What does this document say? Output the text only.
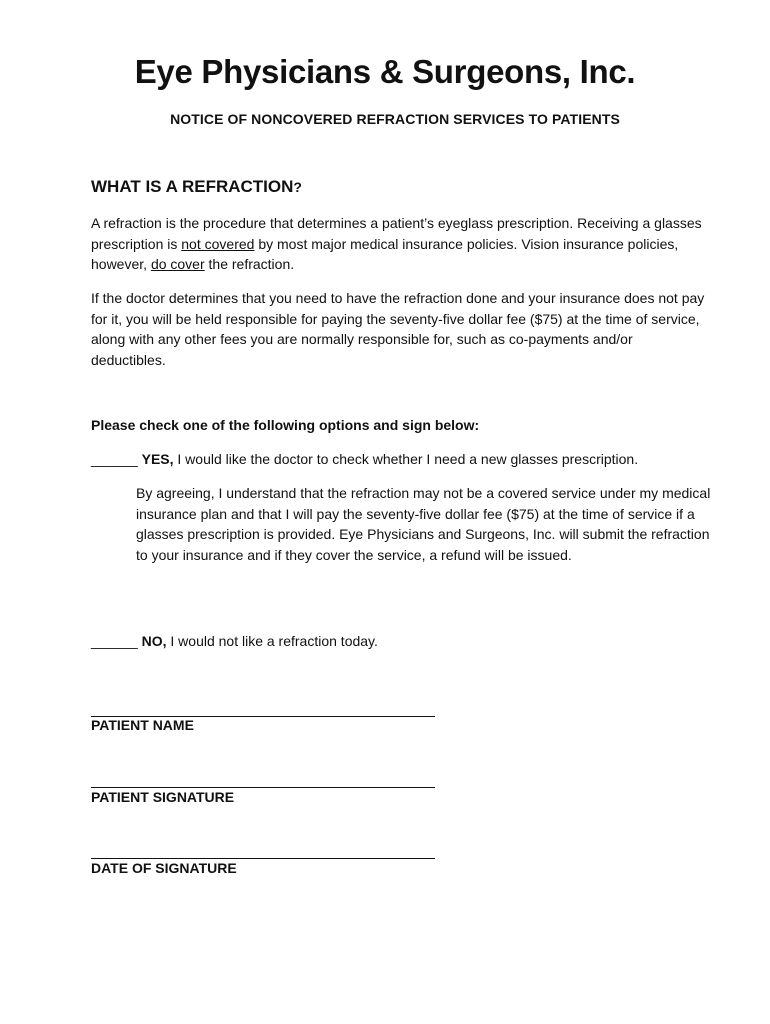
Eye Physicians & Surgeons, Inc.
NOTICE OF NONCOVERED REFRACTION SERVICES TO PATIENTS
WHAT IS A REFRACTION?
A refraction is the procedure that determines a patient’s eyeglass prescription. Receiving a glasses prescription is not covered by most major medical insurance policies. Vision insurance policies, however, do cover the refraction.
If the doctor determines that you need to have the refraction done and your insurance does not pay for it, you will be held responsible for paying the seventy-five dollar fee ($75) at the time of service, along with any other fees you are normally responsible for, such as co-payments and/or deductibles.
Please check one of the following options and sign below:
______ YES, I would like the doctor to check whether I need a new glasses prescription.
By agreeing, I understand that the refraction may not be a covered service under my medical insurance plan and that I will pay the seventy-five dollar fee ($75) at the time of service if a glasses prescription is provided. Eye Physicians and Surgeons, Inc. will submit the refraction to your insurance and if they cover the service, a refund will be issued.
______ NO, I would not like a refraction today.
PATIENT NAME
PATIENT SIGNATURE
DATE OF SIGNATURE
